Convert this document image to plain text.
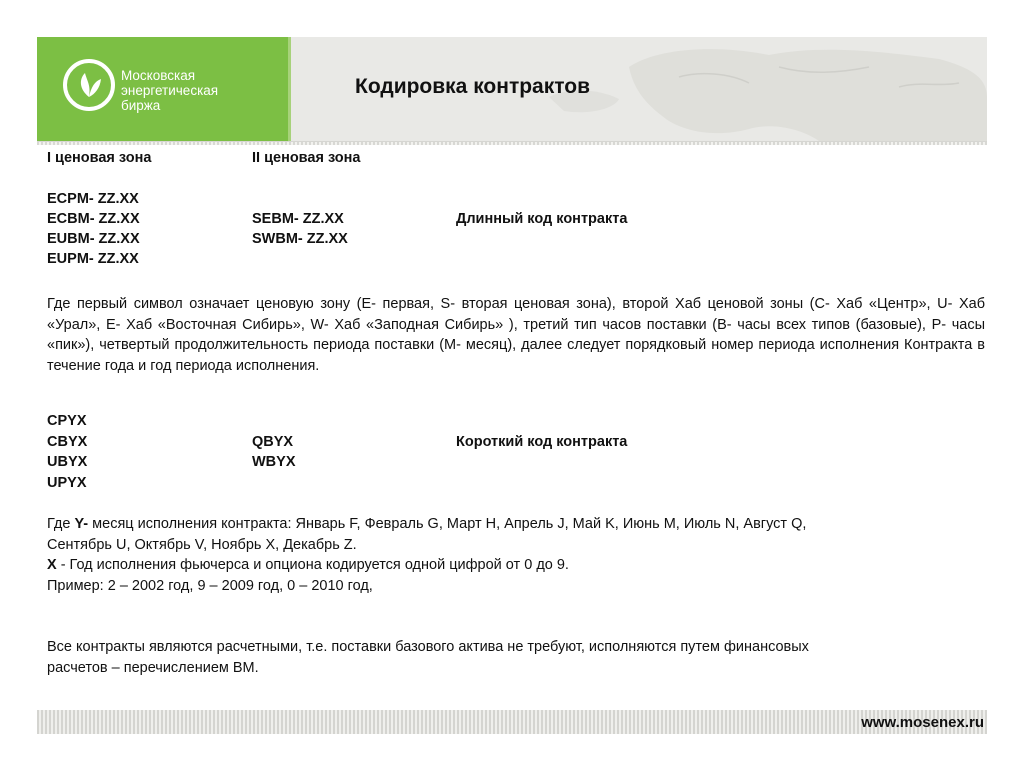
Московская
энергетическая
биржа
Кодировка контрактов
I ценовая зона	II ценовая зона
ECPM- ZZ.XX
ECBM- ZZ.XX
EUBM- ZZ.XX
EUPM- ZZ.XX
SEBM- ZZ.XX
SWBM- ZZ.XX
Длинный код контракта
Где первый символ означает ценовую зону (E- первая, S- вторая ценовая зона), второй Хаб ценовой зоны (С- Хаб «Центр», U- Хаб «Урал», E- Хаб «Восточная Сибирь», W- Хаб «Заподная Сибирь» ), третий тип часов поставки (B- часы всех типов (базовые), P- часы «пик»), четвертый продолжительность периода поставки (M- месяц), далее следует порядковый номер периода исполнения Контракта в течение года и год периода исполнения.
CPYX
CBYX
UBYX
UPYX
QBYX
WBYX
Короткий код контракта
Где Y- месяц исполнения контракта: Январь F, Февраль G, Март H, Апрель J, Май K, Июнь M, Июль N, Август Q,
Сентябрь U, Октябрь V, Ноябрь X, Декабрь Z.
X - Год исполнения фьючерса и опциона кодируется одной цифрой от 0 до 9.
Пример: 2 – 2002 год, 9 – 2009 год, 0 – 2010 год,
Все контракты являются расчетными, т.е. поставки базового актива не требуют, исполняются путем финансовых
расчетов – перечислением ВМ.
www.mosenex.ru
